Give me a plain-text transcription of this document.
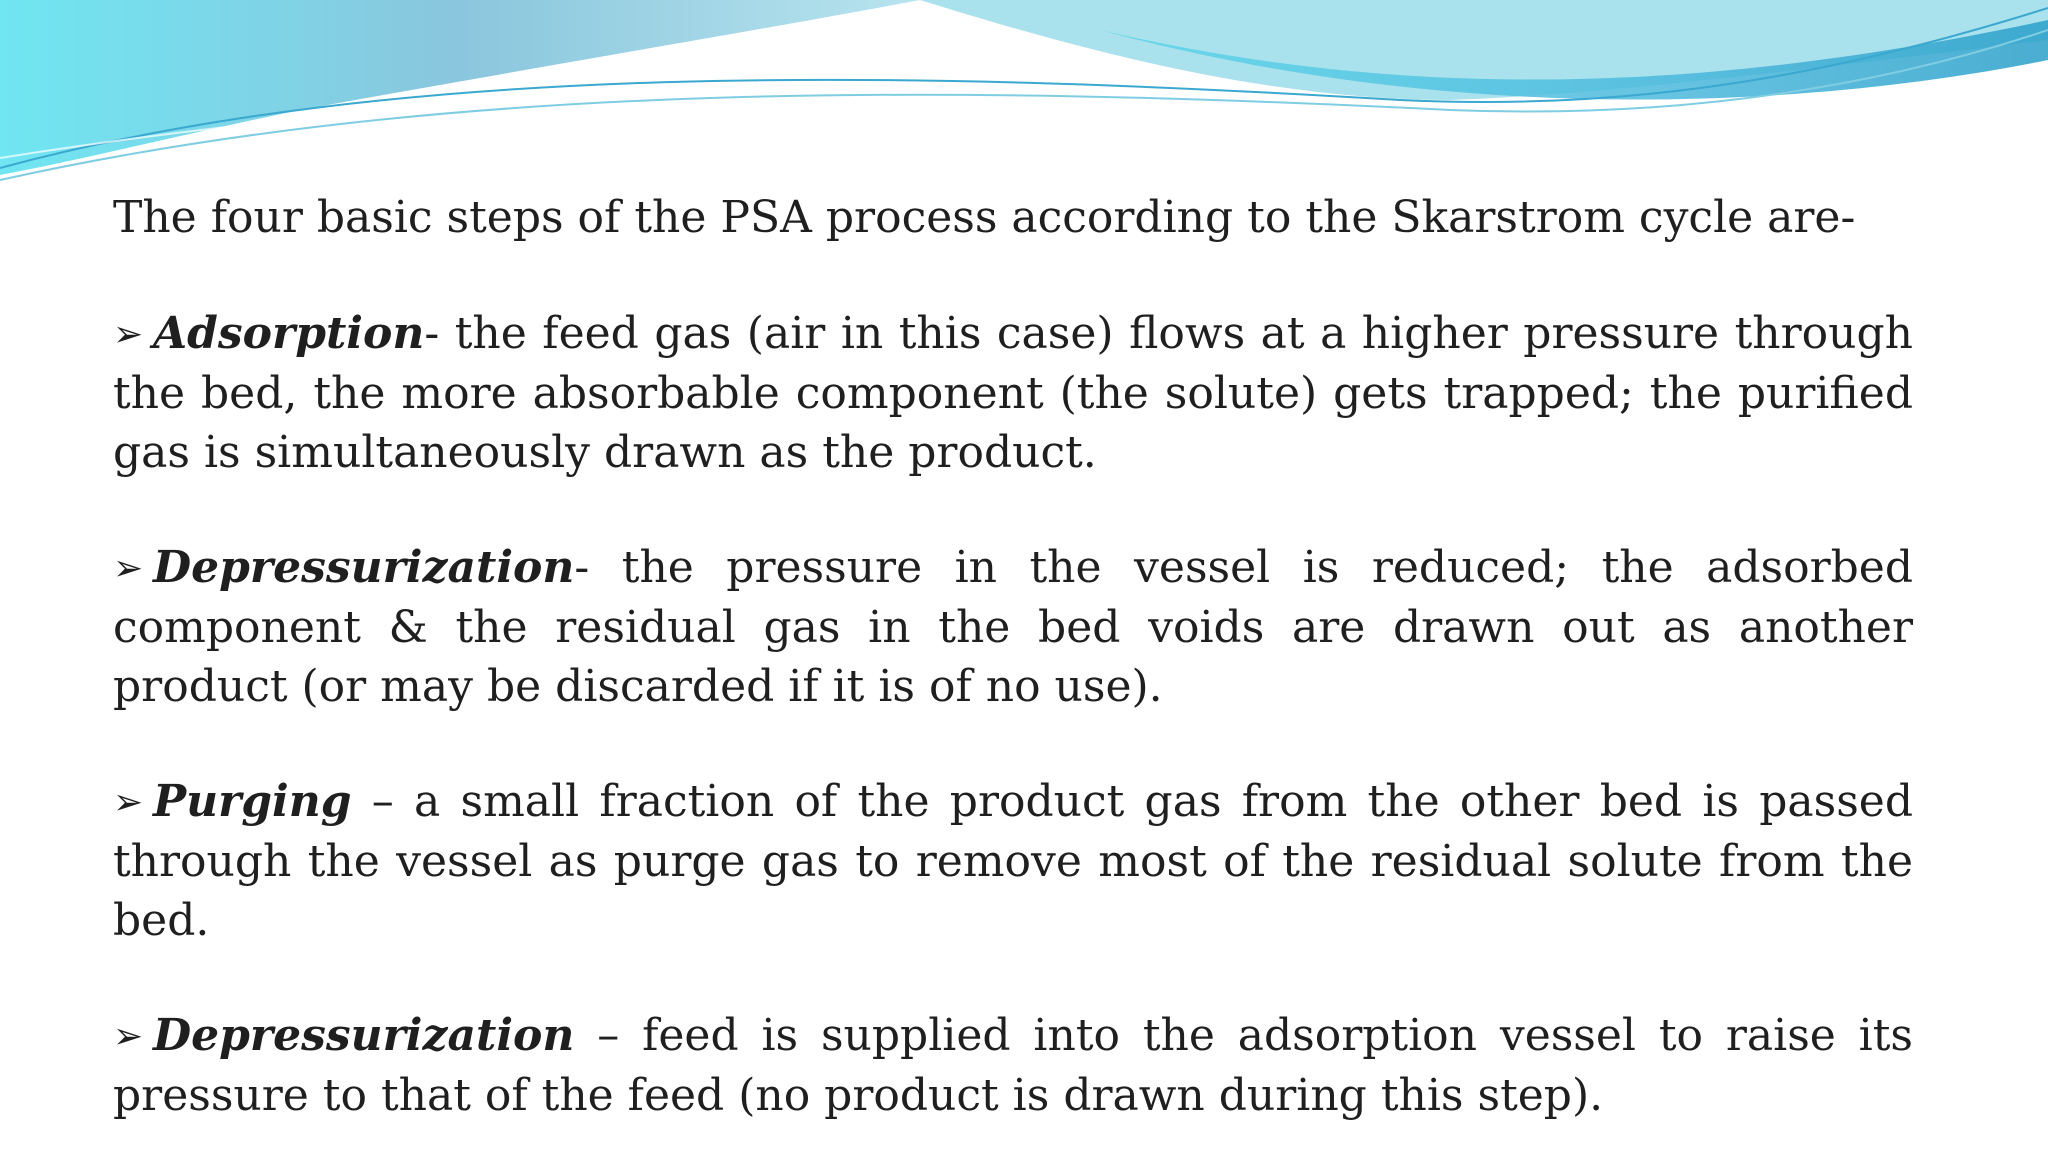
The four basic steps of the PSA process according to the Skarstrom cycle are-

➢ Adsorption- the feed gas (air in this case) flows at a higher pressure through the bed, the more absorbable component (the solute) gets trapped; the purified gas is simultaneously drawn as the product.

➢ Depressurization- the pressure in the vessel is reduced; the adsorbed component & the residual gas in the bed voids are drawn out as another product (or may be discarded if it is of no use).

➢ Purging – a small fraction of the product gas from the other bed is passed through the vessel as purge gas to remove most of the residual solute from the bed.

➢ Depressurization – feed is supplied into the adsorption vessel to raise its pressure to that of the feed (no product is drawn during this step).
